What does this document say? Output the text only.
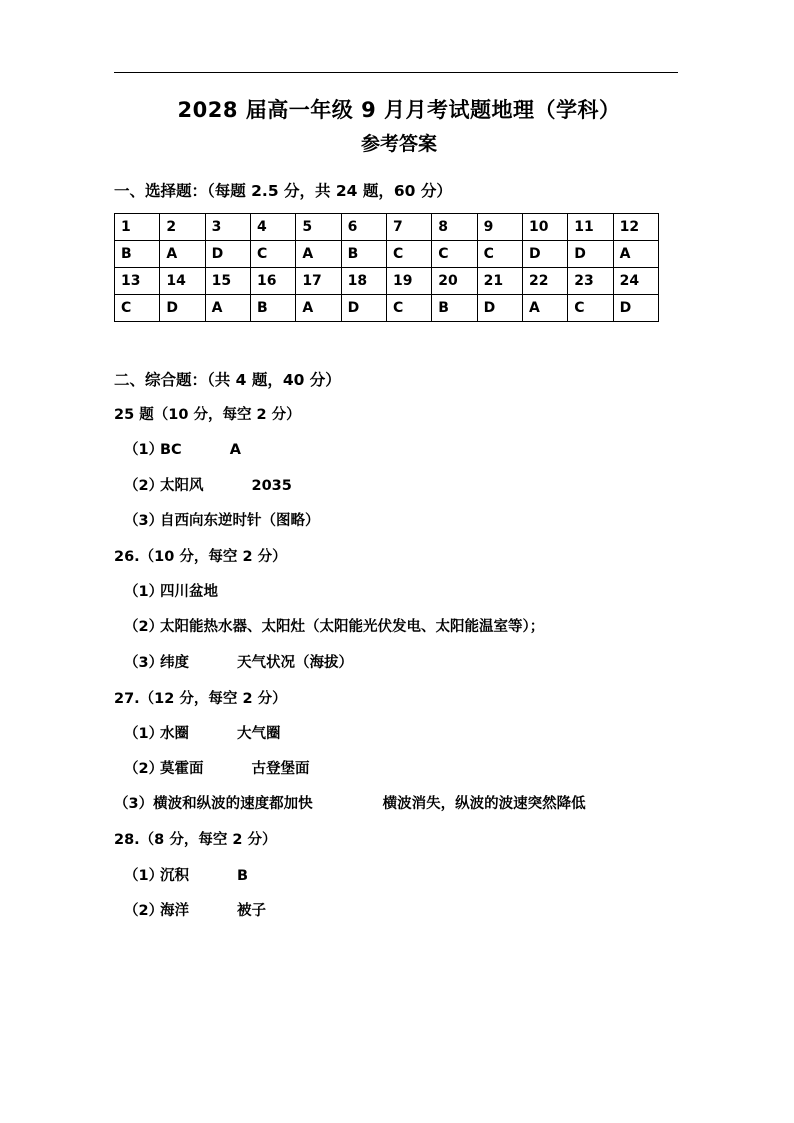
2028 届高一年级 9 月月考试题地理（学科）
参考答案
一、选择题：（每题 2.5 分，共 24 题，60 分）
1	2	3	4	5	6	7	8	9	10	11	12
B	A	D	C	A	B	C	C	C	D	D	A
13	14	15	16	17	18	19	20	21	22	23	24
C	D	A	B	A	D	C	B	D	A	C	D
二、综合题：（共 4 题，40 分）
25 题（10 分，每空 2 分）
（1）BC	A
（2）太阳风	2035
（3）自西向东逆时针（图略）
26.（10 分，每空 2 分）
（1）四川盆地
（2）太阳能热水器、太阳灶（太阳能光伏发电、太阳能温室等）；
（3）纬度	天气状况（海拔）
27.（12 分，每空 2 分）
（1）水圈	大气圈
（2）莫霍面	古登堡面
（3）横波和纵波的速度都加快	横波消失，纵波的波速突然降低
28.（8 分，每空 2 分）
（1）沉积	B
（2）海洋	被子
